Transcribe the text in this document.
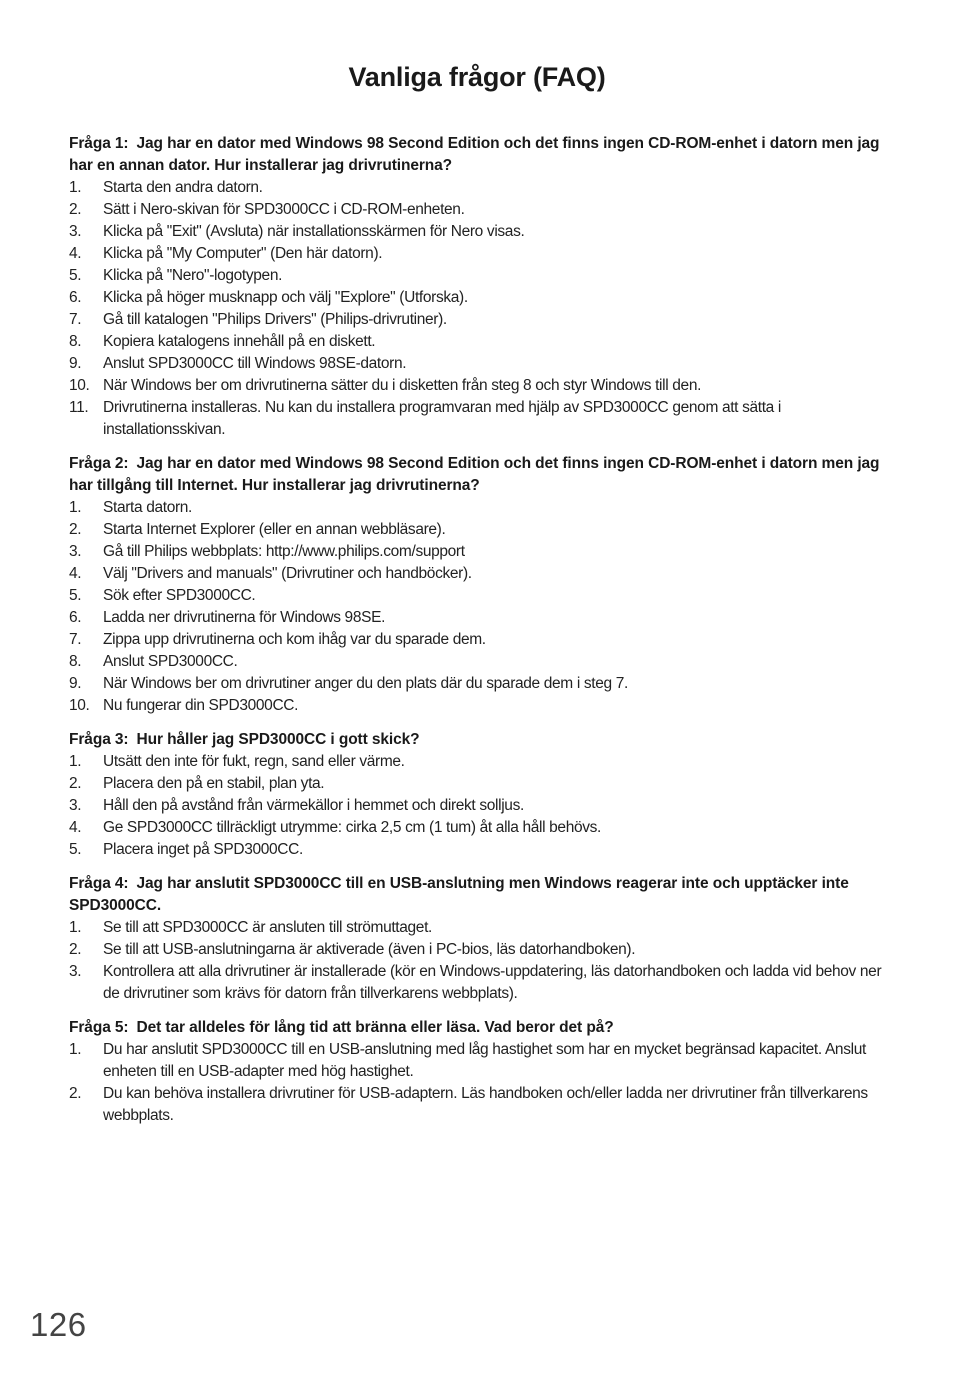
Vanliga frågor (FAQ)
Fråga 1: Jag har en dator med Windows 98 Second Edition och det finns ingen CD-ROM-enhet i datorn men jag har en annan dator. Hur installerar jag drivrutinerna?
1. Starta den andra datorn.
2. Sätt i Nero-skivan för SPD3000CC i CD-ROM-enheten.
3. Klicka på "Exit" (Avsluta) när installationsskärmen för Nero visas.
4. Klicka på "My Computer" (Den här datorn).
5. Klicka på "Nero"-logotypen.
6. Klicka på höger musknapp och välj "Explore" (Utforska).
7. Gå till katalogen "Philips Drivers" (Philips-drivrutiner).
8. Kopiera katalogens innehåll på en diskett.
9. Anslut SPD3000CC till Windows 98SE-datorn.
10. När Windows ber om drivrutinerna sätter du i disketten från steg 8 och styr Windows till den.
11. Drivrutinerna installeras. Nu kan du installera programvaran med hjälp av SPD3000CC genom att sätta i installationsskivan.
Fråga 2: Jag har en dator med Windows 98 Second Edition och det finns ingen CD-ROM-enhet i datorn men jag har tillgång till Internet. Hur installerar jag drivrutinerna?
1. Starta datorn.
2. Starta Internet Explorer (eller en annan webbläsare).
3. Gå till Philips webbplats: http://www.philips.com/support
4. Välj "Drivers and manuals" (Drivrutiner och handböcker).
5. Sök efter SPD3000CC.
6. Ladda ner drivrutinerna för Windows 98SE.
7. Zippa upp drivrutinerna och kom ihåg var du sparade dem.
8. Anslut SPD3000CC.
9. När Windows ber om drivrutiner anger du den plats där du sparade dem i steg 7.
10. Nu fungerar din SPD3000CC.
Fråga 3: Hur håller jag SPD3000CC i gott skick?
1. Utsätt den inte för fukt, regn, sand eller värme.
2. Placera den på en stabil, plan yta.
3. Håll den på avstånd från värmekällor i hemmet och direkt solljus.
4. Ge SPD3000CC tillräckligt utrymme: cirka 2,5 cm (1 tum) åt alla håll behövs.
5. Placera inget på SPD3000CC.
Fråga 4: Jag har anslutit SPD3000CC till en USB-anslutning men Windows reagerar inte och upptäcker inte SPD3000CC.
1. Se till att SPD3000CC är ansluten till strömuttaget.
2. Se till att USB-anslutningarna är aktiverade (även i PC-bios, läs datorhandboken).
3. Kontrollera att alla drivrutiner är installerade (kör en Windows-uppdatering, läs datorhandboken och ladda vid behov ner de drivrutiner som krävs för datorn från tillverkarens webbplats).
Fråga 5: Det tar alldeles för lång tid att bränna eller läsa. Vad beror det på?
1. Du har anslutit SPD3000CC till en USB-anslutning med låg hastighet som har en mycket begränsad kapacitet. Anslut enheten till en USB-adapter med hög hastighet.
2. Du kan behöva installera drivrutiner för USB-adaptern. Läs handboken och/eller ladda ner drivrutiner från tillverkarens webbplats.
126
